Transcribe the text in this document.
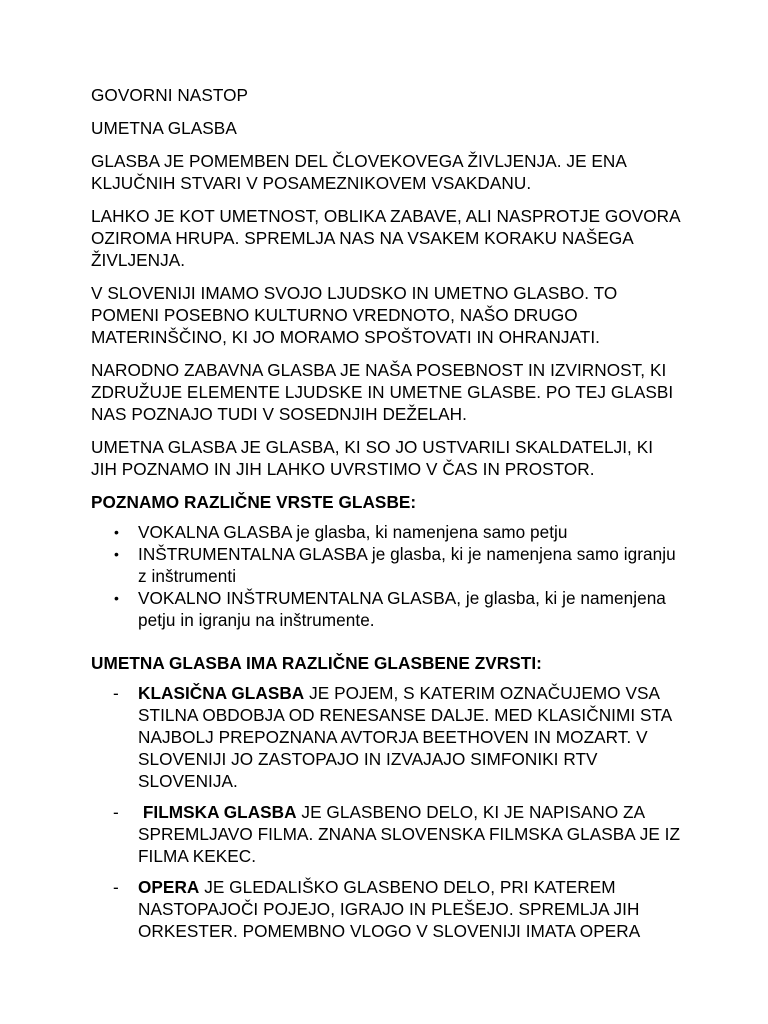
GOVORNI NASTOP

UMETNA GLASBA

GLASBA JE POMEMBEN DEL ČLOVEKOVEGA ŽIVLJENJA. JE ENA KLJUČNIH STVARI V POSAMEZNIKOVEM VSAKDANU.

LAHKO JE KOT UMETNOST, OBLIKA ZABAVE, ALI NASPROTJE GOVORA OZIROMA HRUPA. SPREMLJA NAS NA VSAKEM KORAKU NAŠEGA ŽIVLJENJA.

V SLOVENIJI IMAMO SVOJO LJUDSKO IN UMETNO GLASBO. TO POMENI POSEBNO KULTURNO VREDNOTO, NAŠO DRUGO MATERINŠČINO, KI JO MORAMO SPOŠTOVATI IN OHRANJATI.

NARODNO ZABAVNA GLASBA JE NAŠA POSEBNOST IN IZVIRNOST, KI ZDRUŽUJE ELEMENTE LJUDSKE IN UMETNE GLASBE. PO TEJ GLASBI NAS POZNAJO TUDI V SOSEDNJIH DEŽELAH.

UMETNA GLASBA JE GLASBA, KI SO JO USTVARILI SKALDATELJI, KI JIH POZNAMO IN JIH LAHKO UVRSTIMO V ČAS IN PROSTOR.

POZNAMO RAZLIČNE VRSTE GLASBE:

• VOKALNA GLASBA je glasba, ki namenjena samo petju
• INŠTRUMENTALNA GLASBA je glasba, ki je namenjena samo igranju z inštrumenti
• VOKALNO INŠTRUMENTALNA GLASBA, je glasba, ki je namenjena petju in igranju na inštrumente.

UMETNA GLASBA IMA RAZLIČNE GLASBENE ZVRSTI:

- KLASIČNA GLASBA JE POJEM, S KATERIM OZNAČUJEMO VSA STILNA OBDOBJA OD RENESANSE DALJE. MED KLASIČNIMI STA NAJBOLJ PREPOZNANA AVTORJA BEETHOVEN IN MOZART. V SLOVENIJI JO ZASTOPAJO IN IZVAJAJO SIMFONIKI RTV SLOVENIJA.
- FILMSKA GLASBA JE GLASBENO DELO, KI JE NAPISANO ZA SPREMLJAVO FILMA. ZNANA SLOVENSKA FILMSKA GLASBA JE IZ FILMA KEKEC.
- OPERA JE GLEDALIŠKO GLASBENO DELO, PRI KATEREM NASTOPAJOČI POJEJO, IGRAJO IN PLEŠEJO. SPREMLJA JIH ORKESTER. POMEMBNO VLOGO V SLOVENIJI IMATA OPERA
